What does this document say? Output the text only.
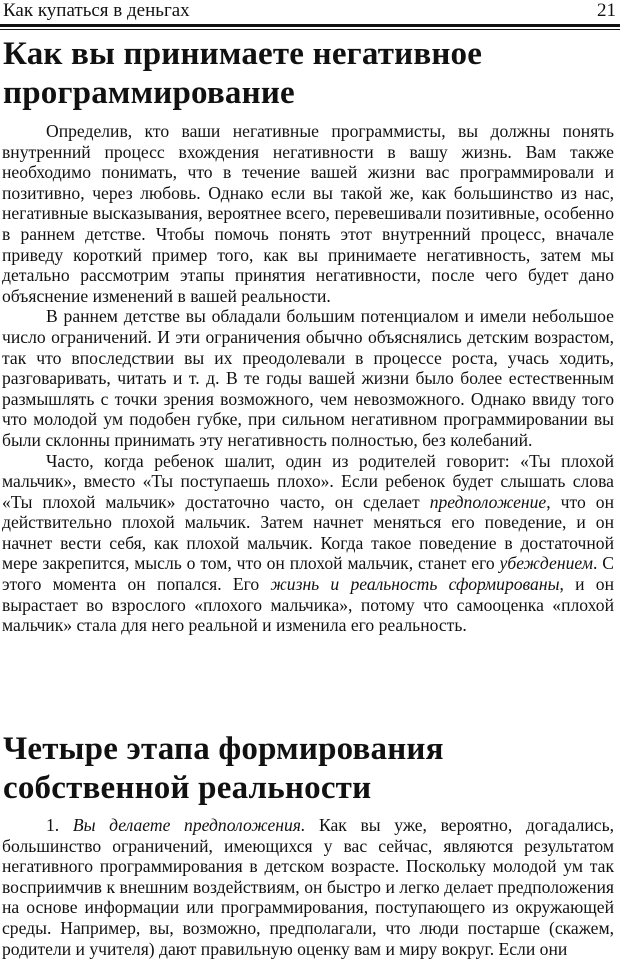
Как купаться в деньгах	21
Как вы принимаете негативное программирование

Определив, кто ваши негативные программисты, вы должны понять внутренний процесс вхождения негативности в вашу жизнь. Вам также необходимо понимать, что в течение вашей жизни вас программировали и позитивно, через любовь. Однако если вы такой же, как большинство из нас, негативные высказывания, вероятнее всего, перевешивали позитивные, особенно в раннем детстве. Чтобы помочь понять этот внутренний процесс, вначале приведу короткий пример того, как вы принимаете негативность, затем мы детально рассмотрим этапы принятия негативности, после чего будет дано объяснение изменений в вашей реальности.

В раннем детстве вы обладали большим потенциалом и имели небольшое число ограничений. И эти ограничения обычно объяснялись детским возрастом, так что впоследствии вы их преодолевали в процессе роста, учась ходить, разговаривать, читать и т. д. В те годы вашей жизни было более естественным размышлять с точки зрения возможного, чем невозможного. Однако ввиду того что молодой ум подобен губке, при сильном негативном программировании вы были склонны принимать эту негативность полностью, без колебаний.

Часто, когда ребенок шалит, один из родителей говорит: «Ты плохой мальчик», вместо «Ты поступаешь плохо». Если ребенок будет слышать слова «Ты плохой мальчик» достаточно часто, он сделает предположение, что он действительно плохой мальчик. Затем начнет меняться его поведение, и он начнет вести себя, как плохой мальчик. Когда такое поведение в достаточной мере закрепится, мысль о том, что он плохой мальчик, станет его убеждением. С этого момента он попался. Его жизнь и реальность сформированы, и он вырастает во взрослого «плохого мальчика», потому что самооценка «плохой мальчик» стала для него реальной и изменила его реальность.

Четыре этапа формирования собственной реальности

1. Вы делаете предположения. Как вы уже, вероятно, догадались, большинство ограничений, имеющихся у вас сейчас, являются результатом негативного программирования в детском возрасте. Поскольку молодой ум так восприимчив к внешним воздействиям, он быстро и легко делает предположения на основе информации или программирования, поступающего из окружающей среды. Например, вы, возможно, предполагали, что люди постарше (скажем, родители и учителя) дают правильную оценку вам и миру вокруг. Если они
